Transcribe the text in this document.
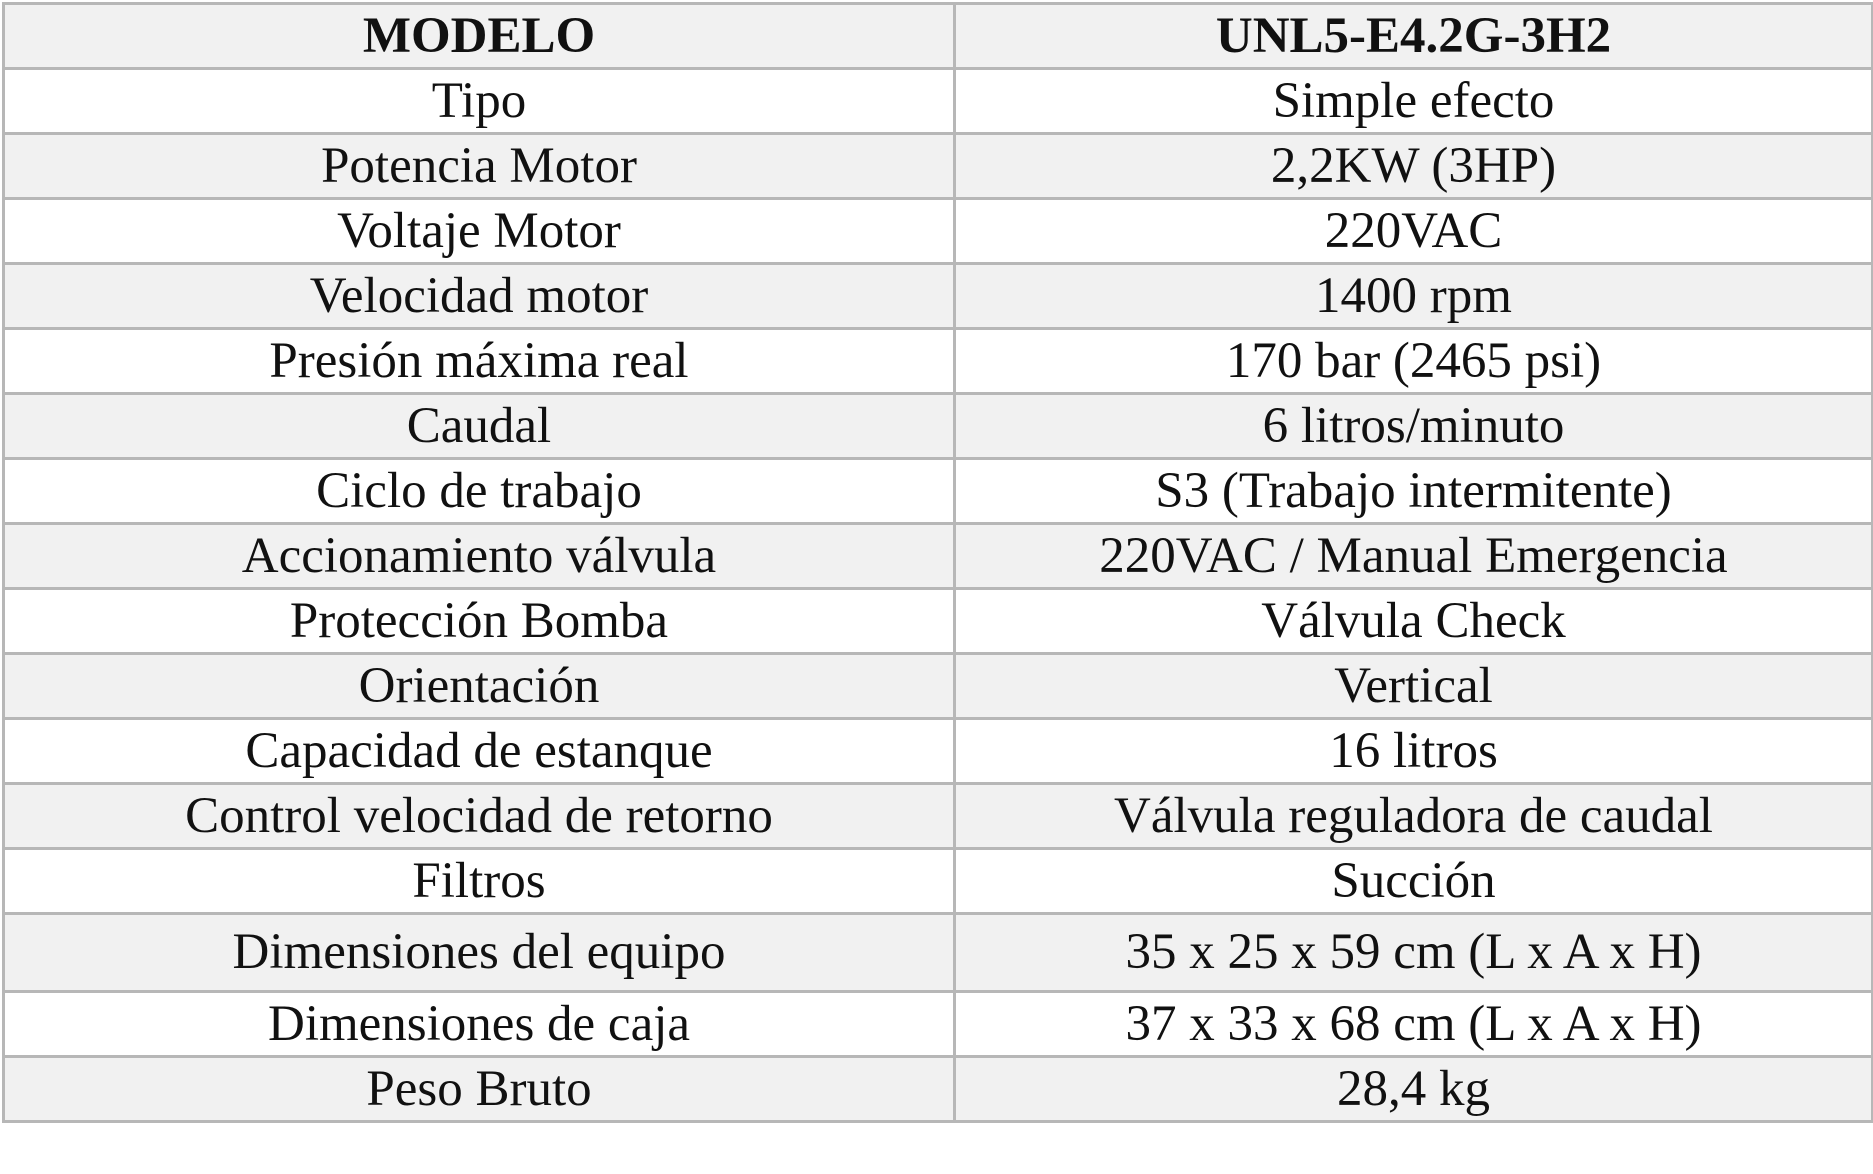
MODELO	UNL5-E4.2G-3H2
Tipo	Simple efecto
Potencia Motor	2,2KW (3HP)
Voltaje Motor	220VAC
Velocidad motor	1400 rpm
Presión máxima real	170 bar (2465 psi)
Caudal	6 litros/minuto
Ciclo de trabajo	S3 (Trabajo intermitente)
Accionamiento válvula	220VAC / Manual Emergencia
Protección Bomba	Válvula Check
Orientación	Vertical
Capacidad de estanque	16 litros
Control velocidad de retorno	Válvula reguladora de caudal
Filtros	Succión
Dimensiones del equipo	35 x 25 x 59 cm (L x A x H)
Dimensiones de caja	37 x 33 x 68 cm (L x A x H)
Peso Bruto	28,4 kg
